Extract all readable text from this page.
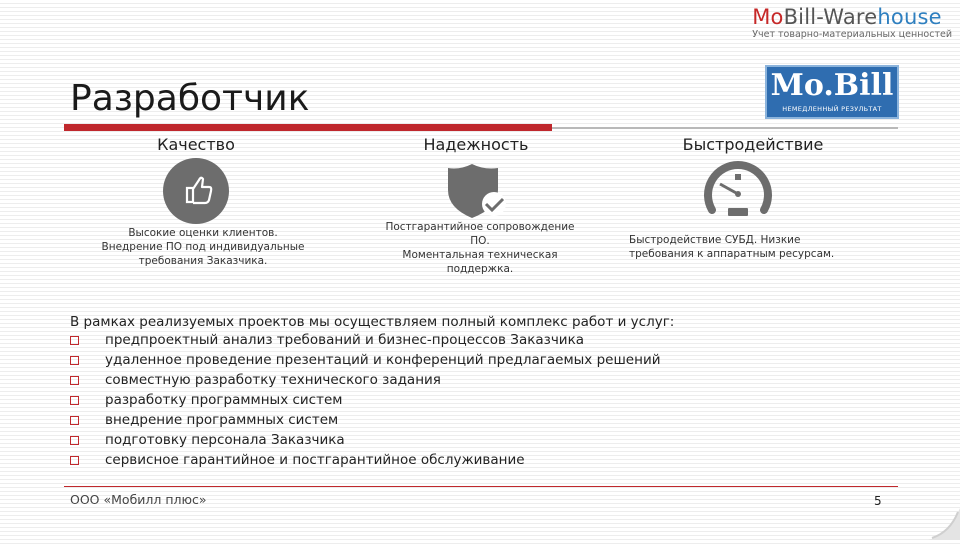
MoBill-Warehouse
Учет товарно-материальных ценностей
Разработчик	Mo.Bill
НЕМЕДЛЕННЫЙ РЕЗУЛЬТАТ
Качество
Высокие оценки клиентов.
Внедрение ПО под индивидуальные
требования Заказчика.
Надежность
Постгарантийное сопровождение
ПО.
Моментальная техническая
поддержка.
Быстродействие
Быстродействие СУБД. Низкие
требования к аппаратным ресурсам.
В рамках реализуемых проектов мы осуществляем полный комплекс работ и услуг:
предпроектный анализ требований и бизнес-процессов Заказчика
удаленное проведение презентаций и конференций предлагаемых решений
совместную разработку технического задания
разработку программных систем
внедрение программных систем
подготовку персонала Заказчика
сервисное гарантийное и постгарантийное обслуживание
ООО «Мобилл плюс»	5
